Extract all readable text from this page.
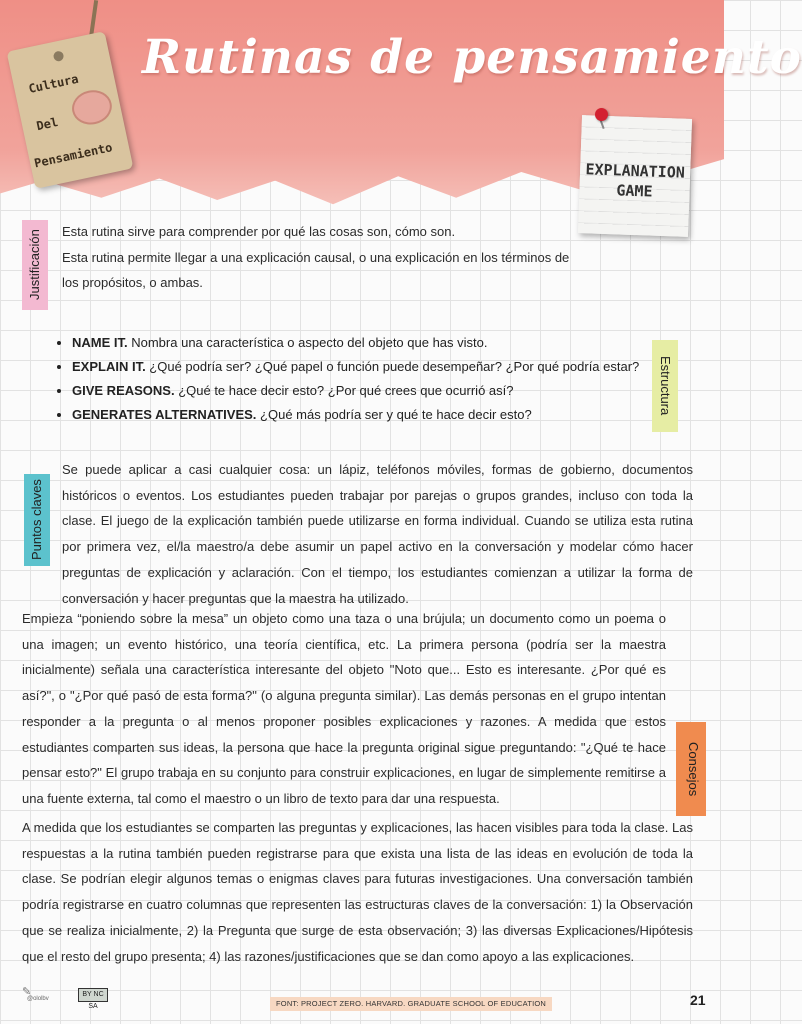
Cultura
Del
Pensamiento
Rutinas de pensamiento
EXPLANATION
GAME
Justificación	Esta rutina sirve para comprender por qué las cosas son, cómo son.
Esta rutina permite llegar a una explicación causal, o una explicación en los términos de
los propósitos, o ambas.
• NAME IT. Nombra una característica o aspecto del objeto que has visto.
• EXPLAIN IT. ¿Qué podría ser? ¿Qué papel o función puede desempeñar? ¿Por qué podría estar?
• GIVE REASONS. ¿Qué te hace decir esto? ¿Por qué crees que ocurrió así?
• GENERATES ALTERNATIVES. ¿Qué más podría ser y qué te hace decir esto?	Estructura
Puntos claves

Se puede aplicar a casi cualquier cosa: un lápiz, teléfonos móviles, formas de gobierno, documentos históricos o eventos. Los estudiantes pueden trabajar por parejas o grupos grandes, incluso con toda la clase. El juego de la explicación también puede utilizarse en forma individual. Cuando se utiliza esta rutina por primera vez, el/la maestro/a debe asumir un papel activo en la conversación y modelar cómo hacer preguntas de explicación y aclaración. Con el tiempo, los estudiantes comienzan a utilizar la forma de conversación y hacer preguntas que la maestra ha utilizado.

Empieza “poniendo sobre la mesa” un objeto como una taza o una brújula; un documento como un poema o una imagen; un evento histórico, una teoría científica, etc. La primera persona (podría ser la maestra inicialmente) señala una característica interesante del objeto "Noto que... Esto es interesante. ¿Por qué es así?", o "¿Por qué pasó de esta forma?" (o alguna pregunta similar). Las demás personas en el grupo intentan responder a la pregunta o al menos proponer posibles explicaciones y razones. A medida que estos estudiantes comparten sus ideas, la persona que hace la pregunta original sigue preguntando: "¿Qué te hace pensar esto?" El grupo trabaja en su conjunto para construir explicaciones, en lugar de simplemente remitirse a una fuente externa, tal como el maestro o un libro de texto para dar una respuesta.

Consejos

A medida que los estudiantes se comparten las preguntas y explicaciones, las hacen visibles para toda la clase. Las respuestas a la rutina también pueden registrarse para que exista una lista de las ideas en evolución de toda la clase. Se podrían elegir algunos temas o enigmas claves para futuras investigaciones. Una conversación también podría registrarse en cuatro columnas que representen las estructuras claves de la conversación: 1) la Observación que se realiza inicialmente, 2) la Pregunta que surge de esta observación; 3) las diversas Explicaciones/Hipótesis que el resto del grupo presenta; 4) las razones/justificaciones que se dan como apoyo a las explicaciones.

✎
@ololbv
BY NC SA	FONT: PROJECT ZERO. HARVARD. GRADUATE SCHOOL OF EDUCATION	21
